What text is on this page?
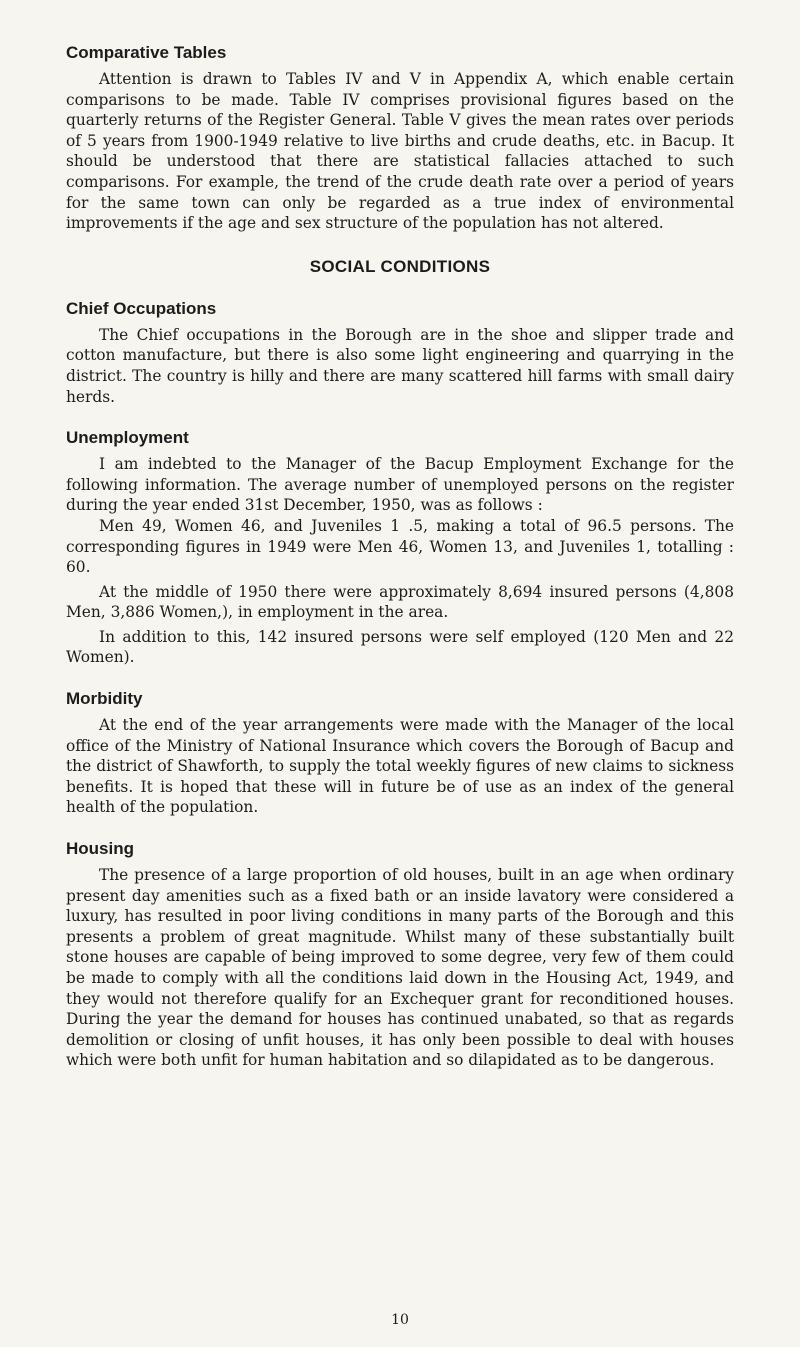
Comparative Tables

Attention is drawn to Tables IV and V in Appendix A, which enable certain comparisons to be made. Table IV comprises provisional figures based on the quarterly returns of the Register General. Table V gives the mean rates over periods of 5 years from 1900-1949 relative to live births and crude deaths, etc. in Bacup. It should be understood that there are statistical fallacies attached to such comparisons. For example, the trend of the crude death rate over a period of years for the same town can only be regarded as a true index of environmental improvements if the age and sex structure of the population has not altered.

SOCIAL CONDITIONS
Chief Occupations

The Chief occupations in the Borough are in the shoe and slipper trade and cotton manufacture, but there is also some light engineering and quarrying in the district. The country is hilly and there are many scattered hill farms with small dairy herds.

Unemployment

I am indebted to the Manager of the Bacup Employment Exchange for the following information. The average number of unemployed persons on the register during the year ended 31st December, 1950, was as follows :

Men 49, Women 46, and Juveniles 1 .5, making a total of 96.5 persons. The corresponding figures in 1949 were Men 46, Women 13, and Juveniles 1, totalling : 60.

At the middle of 1950 there were approximately 8,694 insured persons (4,808 Men, 3,886 Women,), in employment in the area.

In addition to this, 142 insured persons were self employed (120 Men and 22 Women).

Morbidity

At the end of the year arrangements were made with the Manager of the local office of the Ministry of National Insurance which covers the Borough of Bacup and the district of Shawforth, to supply the total weekly figures of new claims to sickness benefits. It is hoped that these will in future be of use as an index of the general health of the population.

Housing

The presence of a large proportion of old houses, built in an age when ordinary present day amenities such as a fixed bath or an inside lavatory were considered a luxury, has resulted in poor living conditions in many parts of the Borough and this presents a problem of great magnitude. Whilst many of these substantially built stone houses are capable of being improved to some degree, very few of them could be made to comply with all the conditions laid down in the Housing Act, 1949, and they would not therefore qualify for an Exchequer grant for reconditioned houses. During the year the demand for houses has continued unabated, so that as regards demolition or closing of unfit houses, it has only been possible to deal with houses which were both unfit for human habitation and so dilapidated as to be dangerous.

10
